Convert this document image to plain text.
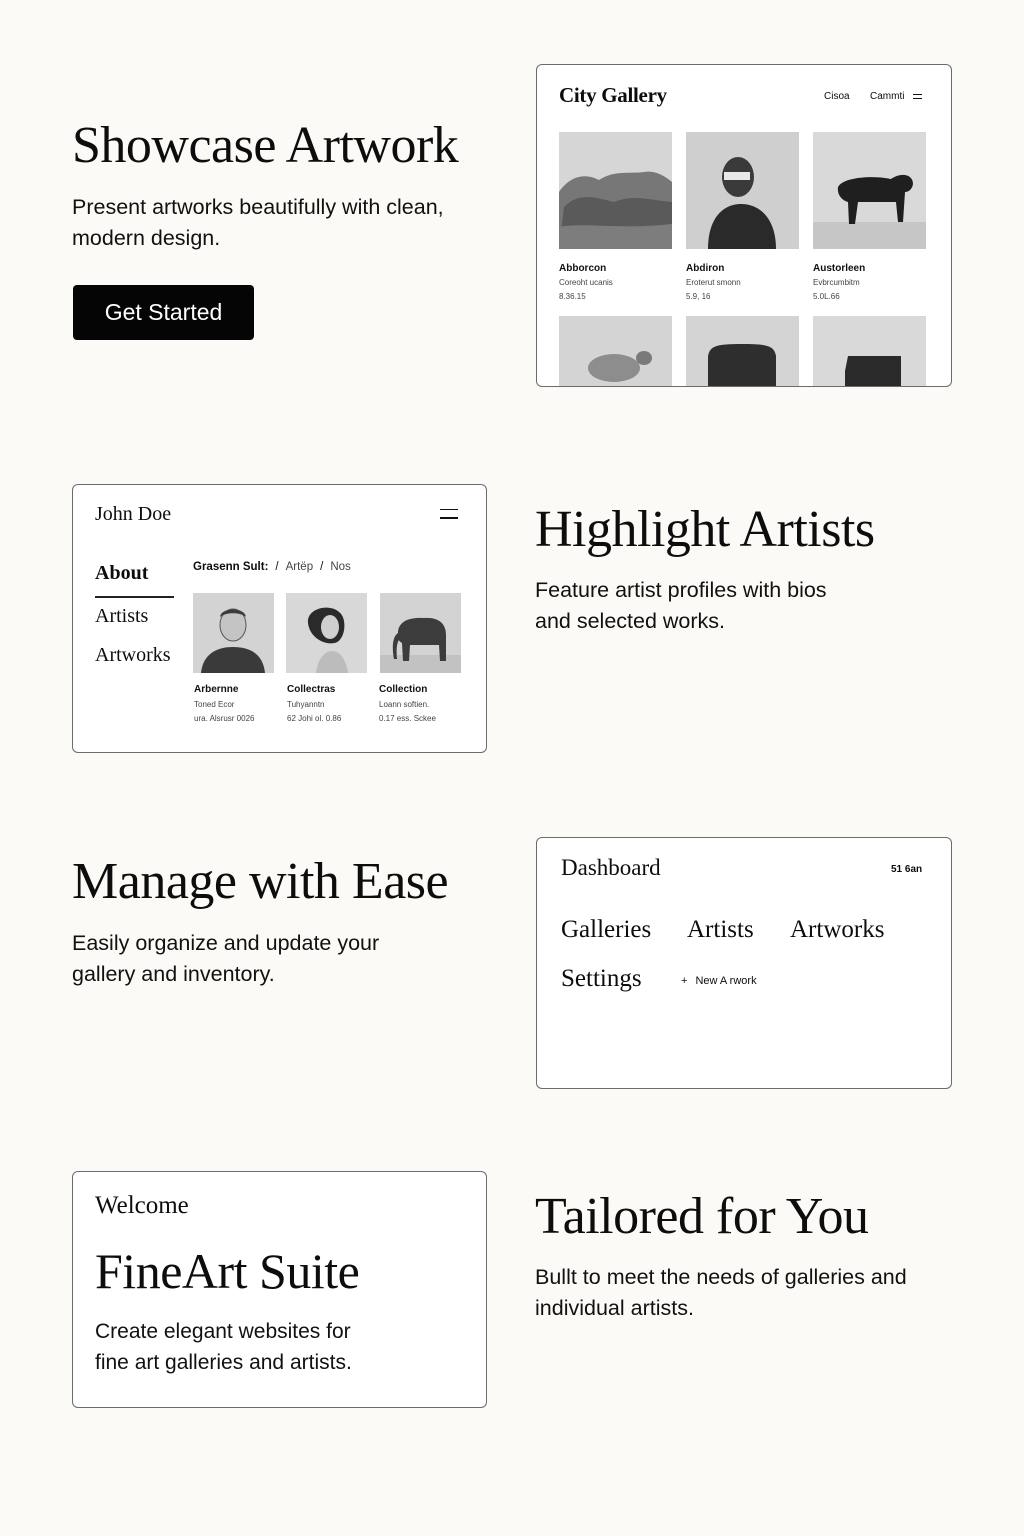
Showcase Artwork

Present artworks beautifully with clean,
modern design.

Get Started
City Gallery	Cisoa Cammti
Abborcon
Coreoht ucanis
8.36.15
Abdiron
Eroterut smonn
5.9, 16
Austorleen
Evbrcumbitm
5.0L.66
John Doe
About
Artists
Artworks
Grasenn Sult: / Artëp / Nos
Arbernne
Toned Ecor
ura. Alsrusr 0026
Collectras
Tuhyanntn
62 Johi ol. 0.86
Collection
Loann softien.
0.17 ess. Sckee
Highlight Artists

Feature artist profiles with bios
and selected works.

Manage with Ease

Easily organize and update your
gallery and inventory.

Dashboard	51 6an
Galleries Artists Artworks
Settings	+ New A rwork
Welcome
FineArt Suite

Create elegant websites for
fine art galleries and artists.

Tailored for You

Bullt to meet the needs of galleries and
individual artists.
